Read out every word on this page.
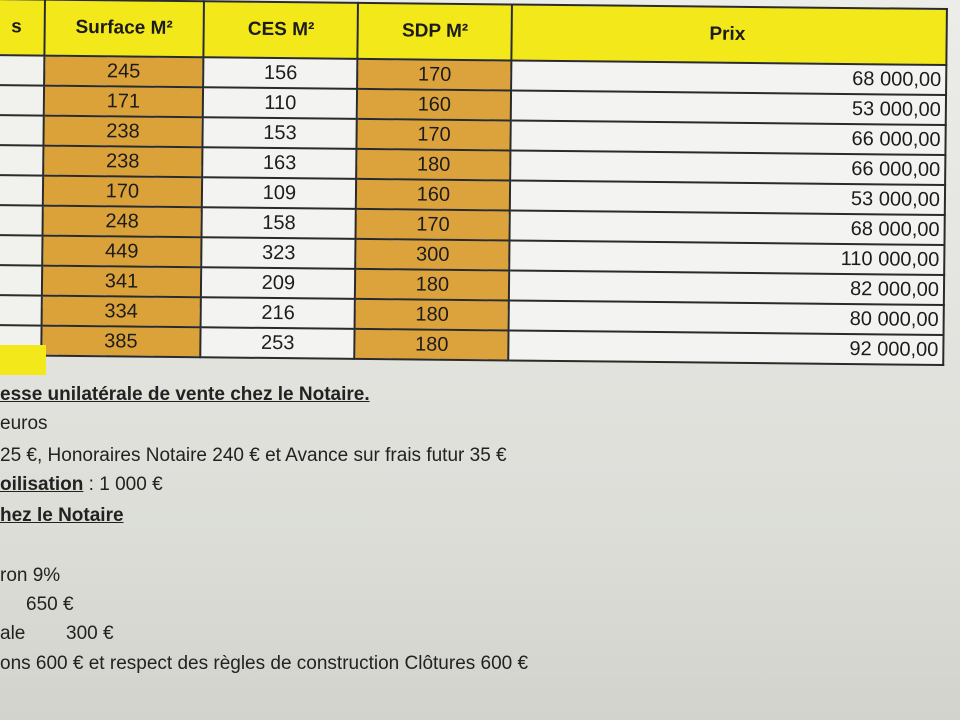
s	Surface M²	CES M²	SDP M²	Prix
	245	156	170	68 000,00
	171	110	160	53 000,00
	238	153	170	66 000,00
	238	163	180	66 000,00
	170	109	160	53 000,00
	248	158	170	68 000,00
	449	323	300	110 000,00
	341	209	180	82 000,00
	334	216	180	80 000,00
	385	253	180	92 000,00
esse unilatérale de vente chez le Notaire.
euros
25 €, Honoraires Notaire 240 € et Avance sur frais futur 35 €
oilisation : 1 000 €
hez le Notaire
ron 9%
650 €
ale 300 €
ons 600 € et respect des règles de construction Clôtures 600 €
